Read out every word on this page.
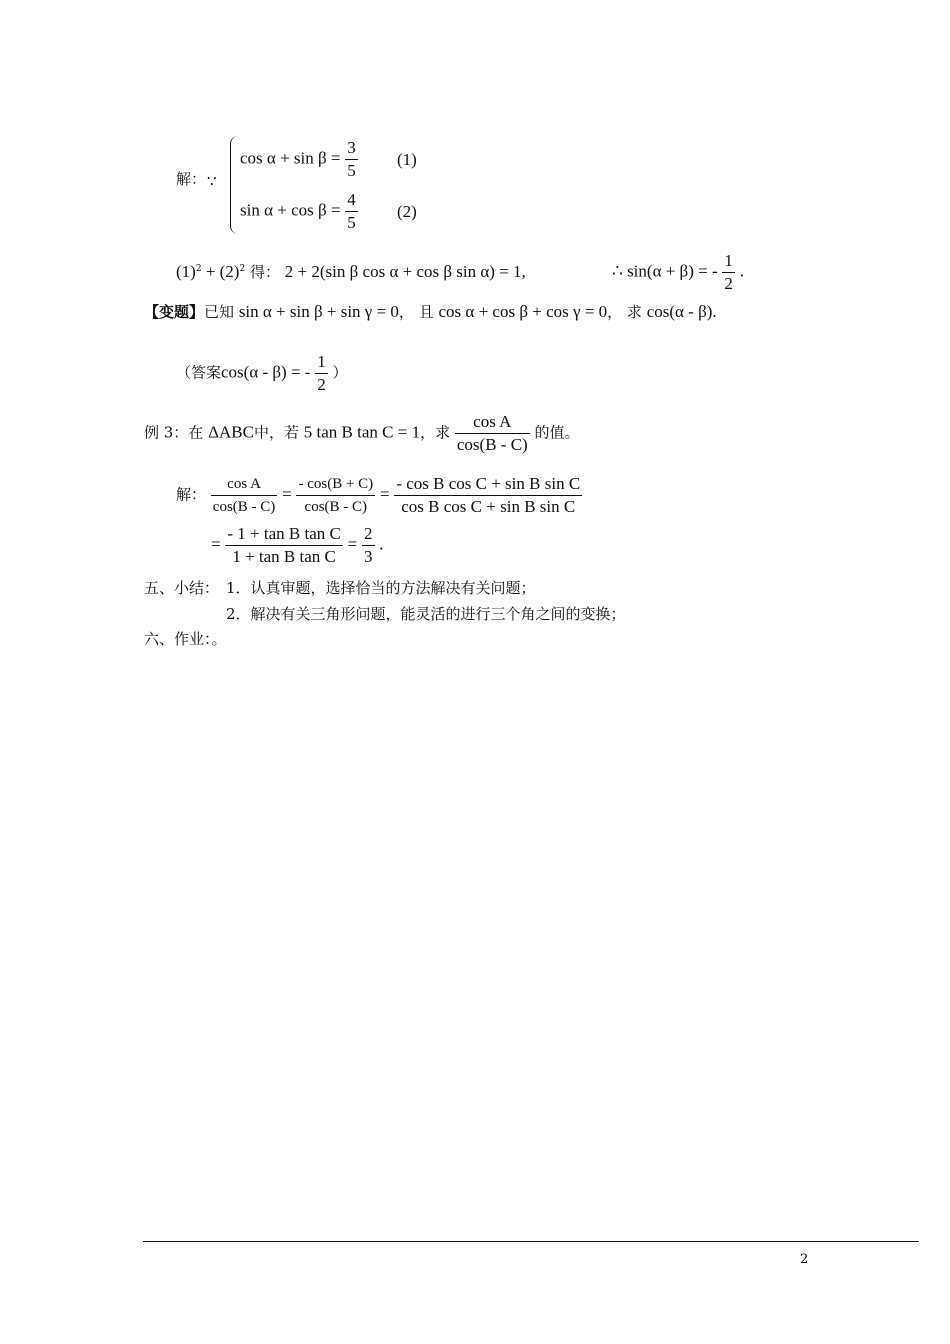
解： ∵
$\cos \alpha + \sin \beta = \frac{3}{5} (1)$
$\sin \alpha + \cos \beta = \frac{4}{5} (2)$
$(1)^2 + (2)^2$ 得： 2 + 2(sin β cos α + cos β sin α) = 1,	∴ sin(α + β) = - $\frac{1}{2}$ .
【变题】已知 sin α + sin β + sin γ = 0， 且 cos α + cos β + cos γ = 0， 求 cos(α - β).
（答案cos(α - β) = - $\frac{1}{2}$ ）
例 3：在 ΔABC中，若 5 tan B tan C = 1，求 $\frac{\text{cos A}}{\cos(B - C)}$ 的值。
解： $\frac{\text{cos A}}{\cos(B - C)} = \frac{- \cos(B + C)}{\cos(B - C)} = \frac{\text{- cos B cos C + sin B sin C}}{\text{cos B cos C + sin B sin C}}$
= $\frac{\text{- 1 + tan B tan C}}{\text{1 + tan B tan C}} = \frac{2}{3}$ .
五、小结： 1．认真审题，选择恰当的方法解决有关问题；
2．解决有关三角形问题，能灵活的进行三个角之间的变换；
六、作业：。
2
